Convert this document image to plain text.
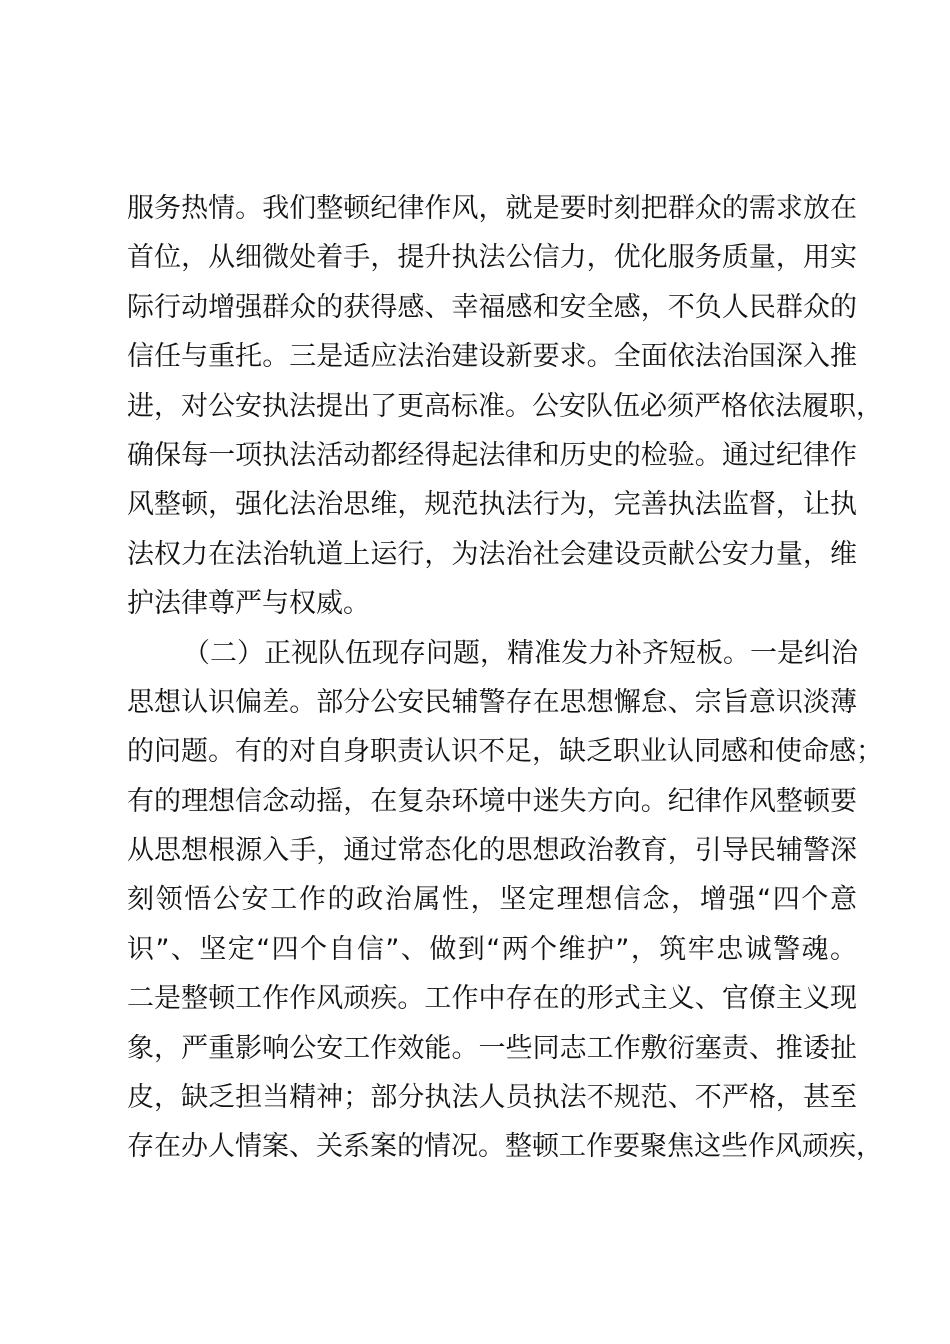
服务热情。我们整顿纪律作风，就是要时刻把群众的需求放在
首位，从细微处着手，提升执法公信力，优化服务质量，用实
际行动增强群众的获得感、幸福感和安全感，不负人民群众的
信任与重托。三是适应法治建设新要求。全面依法治国深入推
进，对公安执法提出了更高标准。公安队伍必须严格依法履职，
确保每一项执法活动都经得起法律和历史的检验。通过纪律作
风整顿，强化法治思维，规范执法行为，完善执法监督，让执
法权力在法治轨道上运行，为法治社会建设贡献公安力量，维
护法律尊严与权威。
（二）正视队伍现存问题，精准发力补齐短板。一是纠治
思想认识偏差。部分公安民辅警存在思想懈怠、宗旨意识淡薄
的问题。有的对自身职责认识不足，缺乏职业认同感和使命感；
有的理想信念动摇，在复杂环境中迷失方向。纪律作风整顿要
从思想根源入手，通过常态化的思想政治教育，引导民辅警深
刻领悟公安工作的政治属性，坚定理想信念，增强“四个意
识”、坚定“四个自信”、做到“两个维护”，筑牢忠诚警魂。
二是整顿工作作风顽疾。工作中存在的形式主义、官僚主义现
象，严重影响公安工作效能。一些同志工作敷衍塞责、推诿扯
皮，缺乏担当精神；部分执法人员执法不规范、不严格，甚至
存在办人情案、关系案的情况。整顿工作要聚焦这些作风顽疾，
